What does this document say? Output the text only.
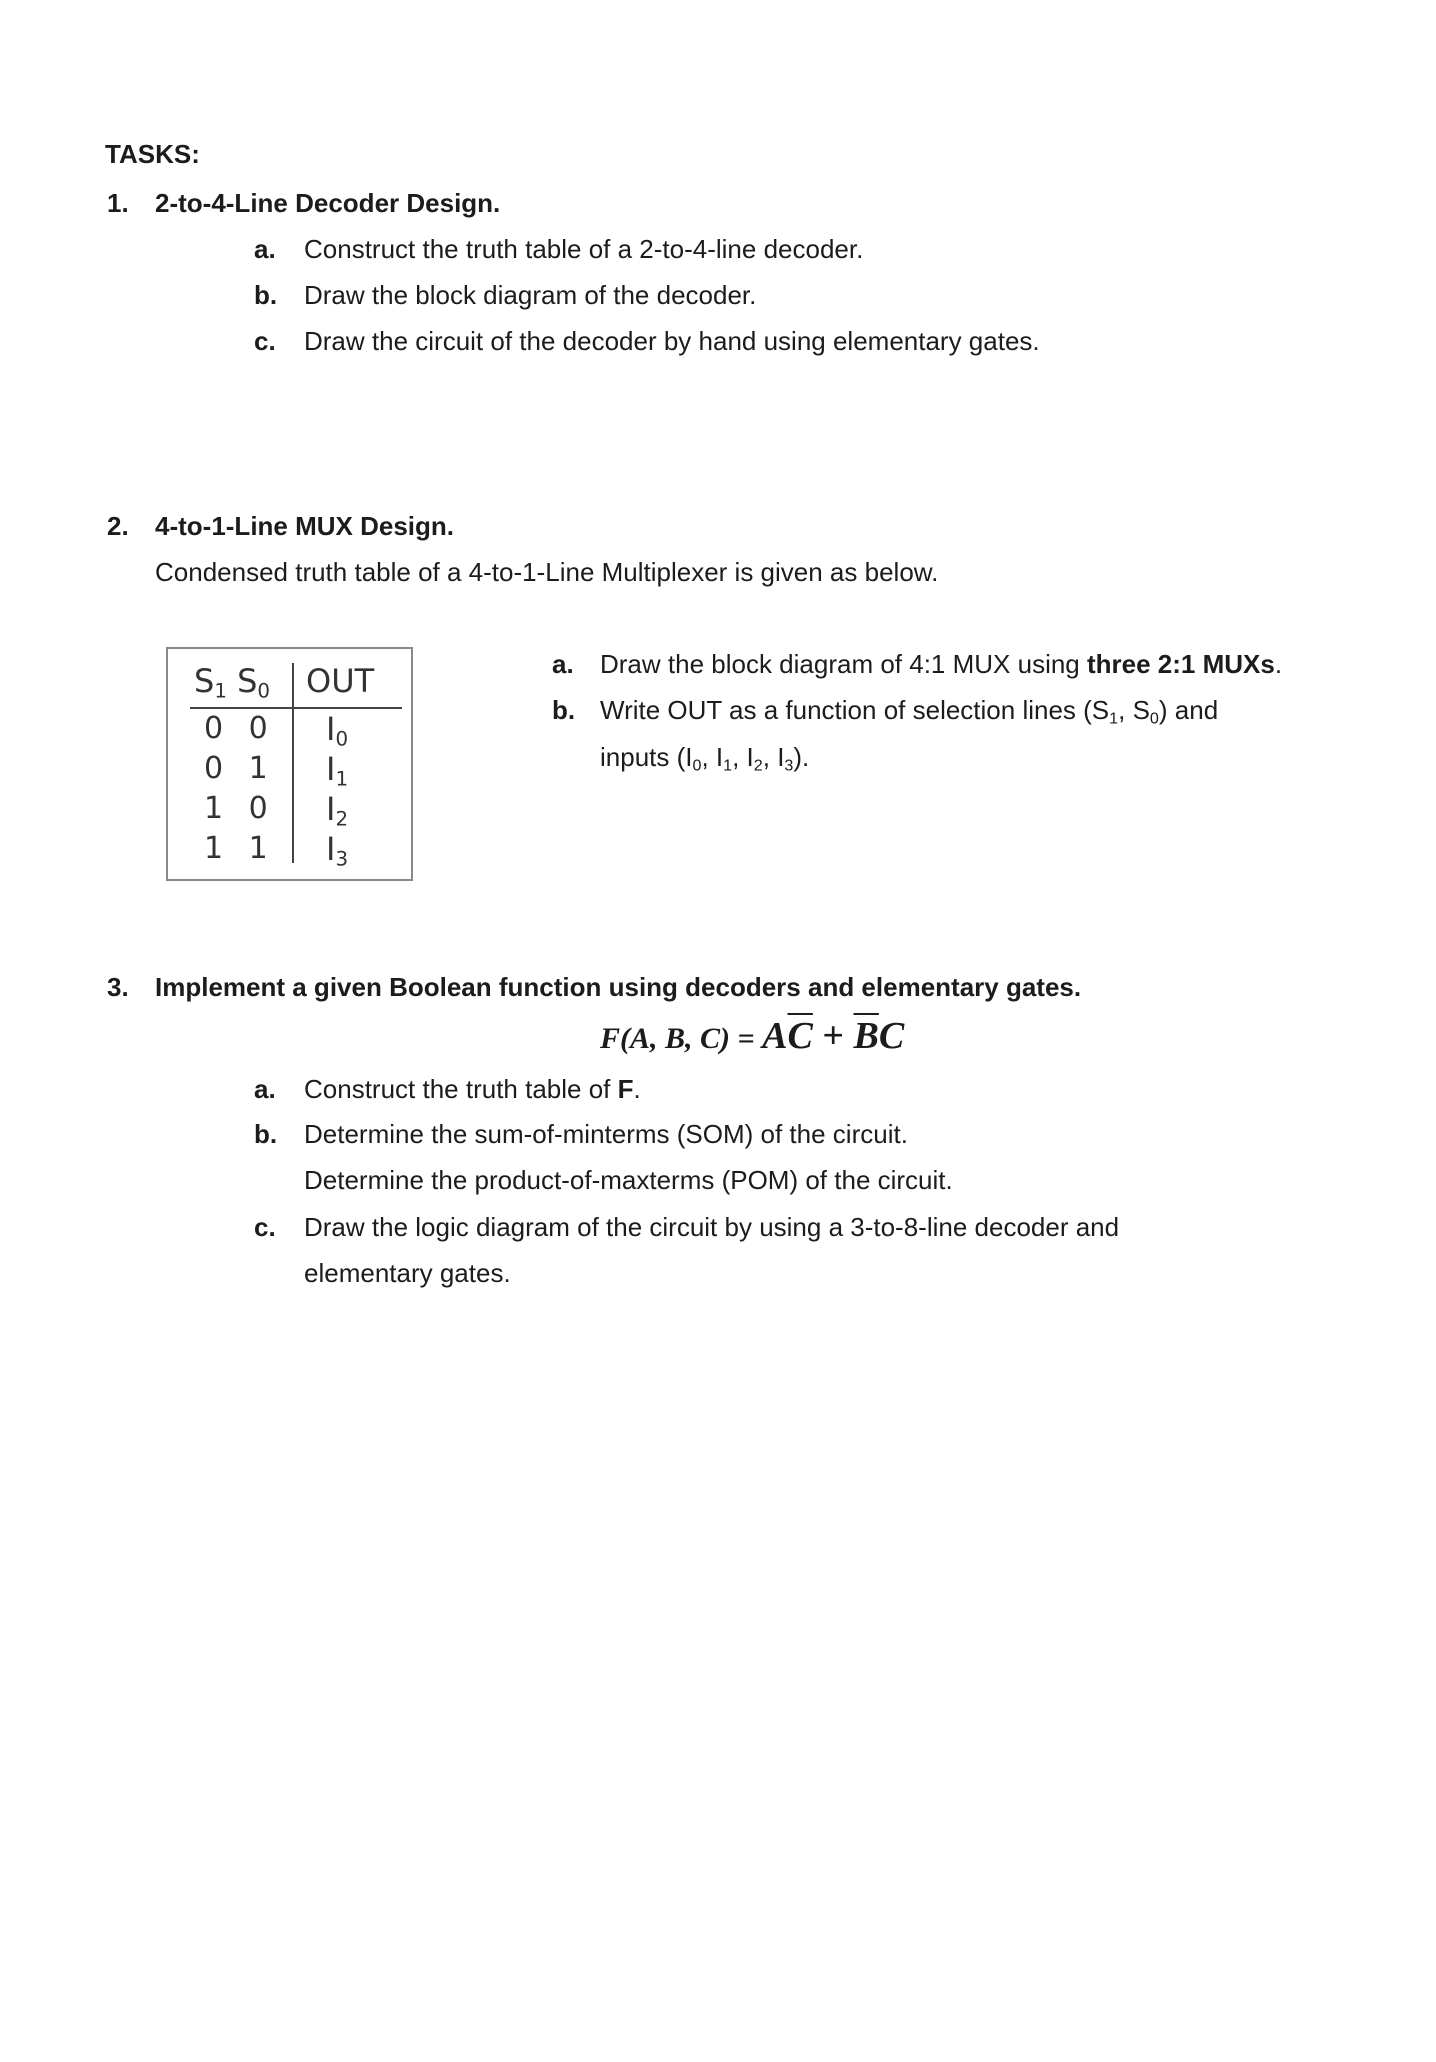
TASKS:
1. 2-to-4-Line Decoder Design.
a. Construct the truth table of a 2-to-4-line decoder.
b. Draw the block diagram of the decoder.
c. Draw the circuit of the decoder by hand using elementary gates.
2. 4-to-1-Line MUX Design.
Condensed truth table of a 4-to-1-Line Multiplexer is given as below.
$S_1$ $S_0$ OUT
0 0 $I_0$
0 1 $I_1$
1 0 $I_2$
1 1 $I_3$
a. Draw the block diagram of 4:1 MUX using three 2:1 MUXs.
b. Write OUT as a function of selection lines ($S_1$, $S_0$) and
inputs ($I_0$, $I_1$, $I_2$, $I_3$).
3. Implement a given Boolean function using decoders and elementary gates.
F(A, B, $C) = A\overline{C} + \overline{B}C$
a. Construct the truth table of F.
b. Determine the sum-of-minterms (SOM) of the circuit.
Determine the product-of-maxterms (POM) of the circuit.
c. Draw the logic diagram of the circuit by using a 3-to-8-line decoder and
elementary gates.
